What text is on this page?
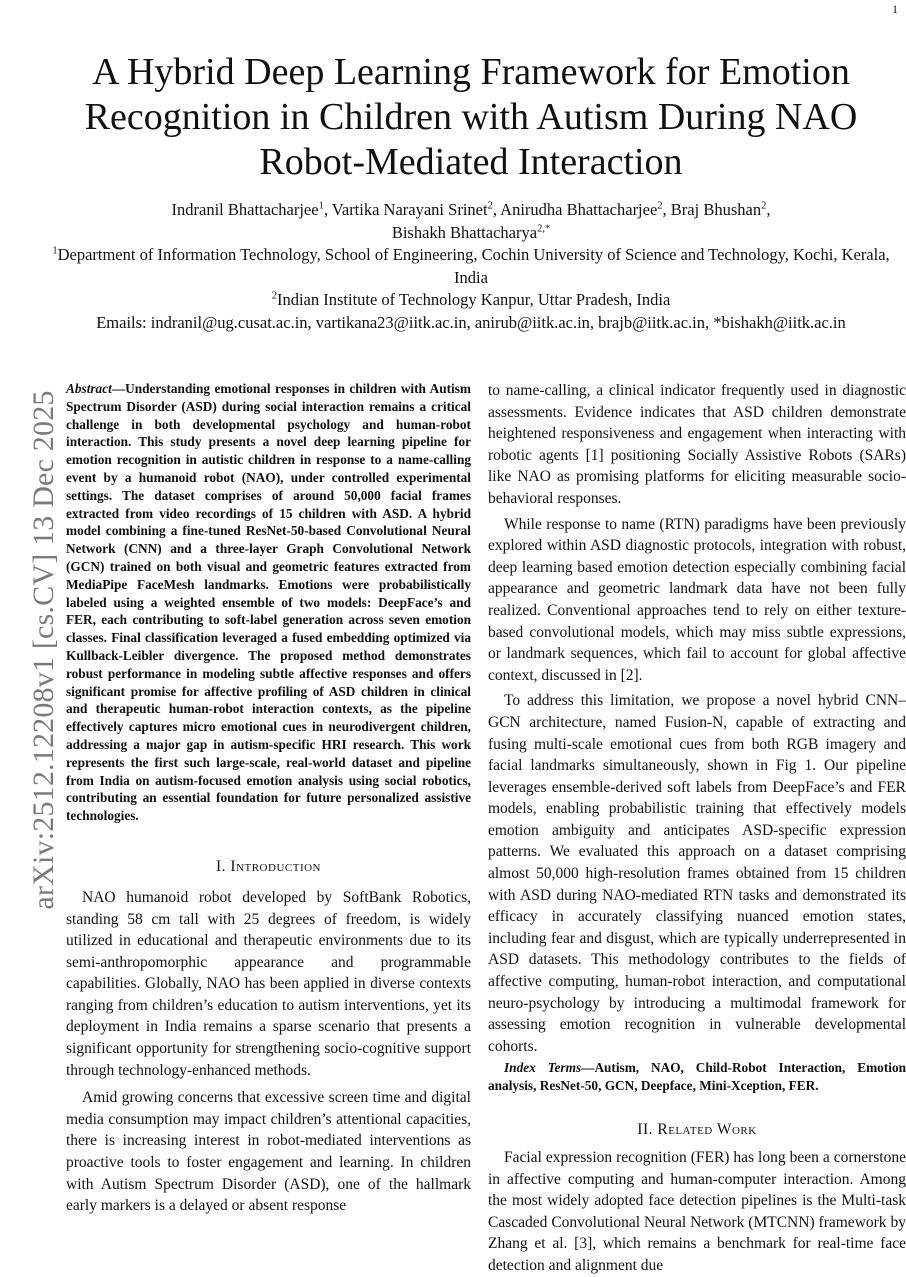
1
arXiv:2512.12208v1 [cs.CV] 13 Dec 2025
A Hybrid Deep Learning Framework for Emotion Recognition in Children with Autism During NAO Robot-Mediated Interaction
Indranil Bhattacharjee$^1$, Vartika Narayani Srinet$^2$, Anirudha Bhattacharjee$^2$, Braj Bhushan$^2$,
Bishakh Bhattacharya$^{2,*}$
$^1$Department of Information Technology, School of Engineering, Cochin University of Science and Technology, Kochi, Kerala, India
$^2$Indian Institute of Technology Kanpur, Uttar Pradesh, India
Emails: indranil@ug.cusat.ac.in, vartikana23@iitk.ac.in, anirub@iitk.ac.in, brajb@iitk.ac.in, *bishakh@iitk.ac.in

Abstract—Understanding emotional responses in children with Autism Spectrum Disorder (ASD) during social interaction remains a critical challenge in both developmental psychology and human-robot interaction. This study presents a novel deep learning pipeline for emotion recognition in autistic children in response to a name-calling event by a humanoid robot (NAO), under controlled experimental settings. The dataset comprises of around 50,000 facial frames extracted from video recordings of 15 children with ASD. A hybrid model combining a fine-tuned ResNet-50-based Convolutional Neural Network (CNN) and a three-layer Graph Convolutional Network (GCN) trained on both visual and geometric features extracted from MediaPipe FaceMesh landmarks. Emotions were probabilistically labeled using a weighted ensemble of two models: DeepFace’s and FER, each contributing to soft-label generation across seven emotion classes. Final classification leveraged a fused embedding optimized via Kullback-Leibler divergence. The proposed method demonstrates robust performance in modeling subtle affective responses and offers significant promise for affective profiling of ASD children in clinical and therapeutic human-robot interaction contexts, as the pipeline effectively captures micro emotional cues in neurodivergent children, addressing a major gap in autism-specific HRI research. This work represents the first such large-scale, real-world dataset and pipeline from India on autism-focused emotion analysis using social robotics, contributing an essential foundation for future personalized assistive technologies.

I. Introduction

NAO humanoid robot developed by SoftBank Robotics, standing 58 cm tall with 25 degrees of freedom, is widely utilized in educational and therapeutic environments due to its semi-anthropomorphic appearance and programmable capabilities. Globally, NAO has been applied in diverse contexts ranging from children’s education to autism interventions, yet its deployment in India remains a sparse scenario that presents a significant opportunity for strengthening socio-cognitive support through technology-enhanced methods.

Amid growing concerns that excessive screen time and digital media consumption may impact children’s attentional capacities, there is increasing interest in robot-mediated interventions as proactive tools to foster engagement and learning. In children with Autism Spectrum Disorder (ASD), one of the hallmark early markers is a delayed or absent response

to name-calling, a clinical indicator frequently used in diagnostic assessments. Evidence indicates that ASD children demonstrate heightened responsiveness and engagement when interacting with robotic agents [1] positioning Socially Assistive Robots (SARs) like NAO as promising platforms for eliciting measurable socio-behavioral responses.

While response to name (RTN) paradigms have been previously explored within ASD diagnostic protocols, integration with robust, deep learning based emotion detection especially combining facial appearance and geometric landmark data have not been fully realized. Conventional approaches tend to rely on either texture-based convolutional models, which may miss subtle expressions, or landmark sequences, which fail to account for global affective context, discussed in [2].

To address this limitation, we propose a novel hybrid CNN–GCN architecture, named Fusion-N, capable of extracting and fusing multi-scale emotional cues from both RGB imagery and facial landmarks simultaneously, shown in Fig 1. Our pipeline leverages ensemble-derived soft labels from DeepFace’s and FER models, enabling probabilistic training that effectively models emotion ambiguity and anticipates ASD-specific expression patterns. We evaluated this approach on a dataset comprising almost 50,000 high-resolution frames obtained from 15 children with ASD during NAO-mediated RTN tasks and demonstrated its efficacy in accurately classifying nuanced emotion states, including fear and disgust, which are typically underrepresented in ASD datasets. This methodology contributes to the fields of affective computing, human-robot interaction, and computational neuro-psychology by introducing a multimodal framework for assessing emotion recognition in vulnerable developmental cohorts.

Index Terms—Autism, NAO, Child-Robot Interaction, Emotion analysis, ResNet-50, GCN, Deepface, Mini-Xception, FER.

II. Related Work

Facial expression recognition (FER) has long been a cornerstone in affective computing and human-computer interaction. Among the most widely adopted face detection pipelines is the Multi-task Cascaded Convolutional Neural Network (MTCNN) framework by Zhang et al. [3], which remains a benchmark for real-time face detection and alignment due
